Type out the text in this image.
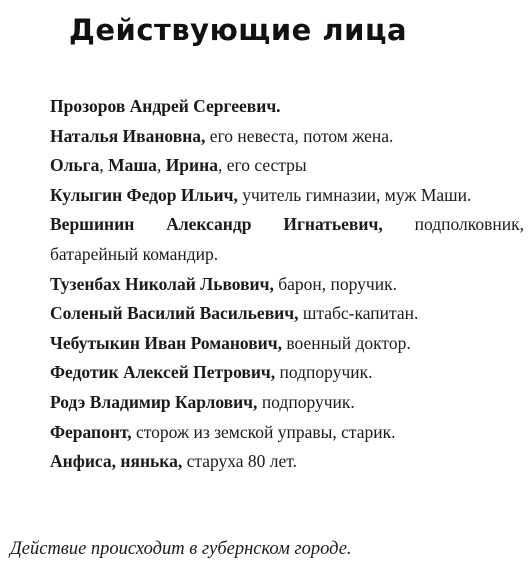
Действующие лица
Прозоров Андрей Сергеевич.
Наталья Ивановна, его невеста, потом жена.
Ольга, Маша, Ирина, его сестры
Кулыгин Федор Ильич, учитель гимназии, муж Маши.
Вершинин Александр Игнатьевич, подполковник, батарейный командир.
Тузенбах Николай Львович, барон, поручик.
Соленый Василий Васильевич, штабс-капитан.
Чебутыкин Иван Романович, военный доктор.
Федотик Алексей Петрович, подпоручик.
Родэ Владимир Карлович, подпоручик.
Ферапонт, сторож из земской управы, старик.
Анфиса, нянька, старуха 80 лет.

Действие происходит в губернском городе.
